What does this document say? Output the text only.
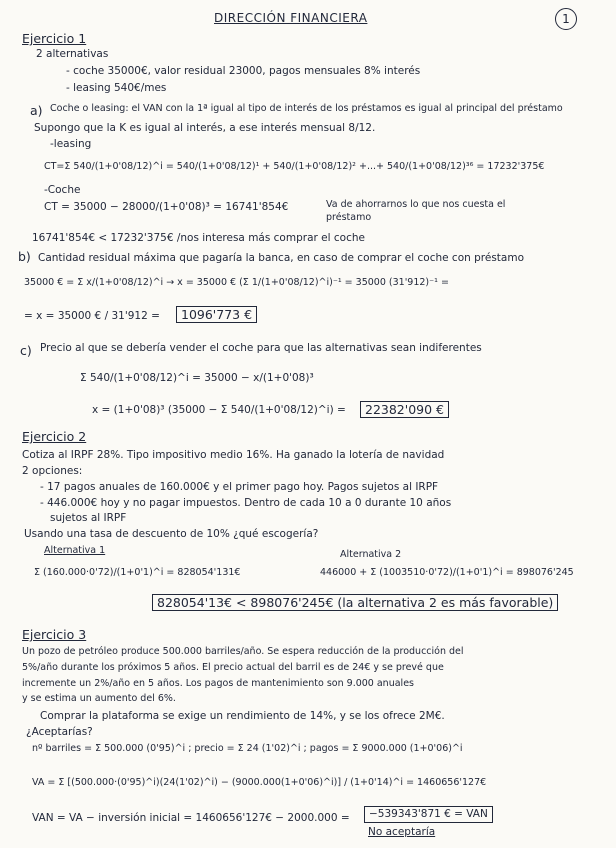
DIRECCIÓN FINANCIERA	1
Ejercicio 1
2 alternativas
- coche 35000€, valor residual 23000, pagos mensuales 8% interés
- leasing 540€/mes
a) Coche o leasing: el VAN con la 1ª igual al tipo de interés de los préstamos es igual al principal del préstamo
Supongo que la K es igual al interés, a ese interés mensual 8/12.
-leasing
CT=Σ 540/(1+0'08/12)^i = 540/(1+0'08/12)¹ + 540/(1+0'08/12)² +...+ 540/(1+0'08/12)³⁶ = 17232'375€
-Coche
CT = 35000 − 28000/(1+0'08)³ = 16741'854€	Va de ahorrarnos lo que nos cuesta el préstamo
16741'854€ < 17232'375€ /nos interesa más comprar el coche
b) Cantidad residual máxima que pagaría la banca, en caso de comprar el coche con préstamo
35000 € = Σ x/(1+0'08/12)^i → x = 35000 € (Σ 1/(1+0'08/12)^i)⁻¹ = 35000 (31'912)⁻¹ =
= x = 35000 € / 31'912 =	1096'773 €
c) Precio al que se debería vender el coche para que las alternativas sean indiferentes
Σ 540/(1+0'08/12)^i = 35000 − x/(1+0'08)³
x = (1+0'08)³ (35000 − Σ 540/(1+0'08/12)^i) =	22382'090 €
Ejercicio 2
Cotiza al IRPF 28%. Tipo impositivo medio 16%. Ha ganado la lotería de navidad
2 opciones:
- 17 pagos anuales de 160.000€ y el primer pago hoy. Pagos sujetos al IRPF
- 446.000€ hoy y no pagar impuestos. Dentro de cada 10 a 0 durante 10 años
sujetos al IRPF
Usando una tasa de descuento de 10% ¿qué escogería?
Alternativa 1
Σ (160.000·0'72)/(1+0'1)^i = 828054'131€
Alternativa 2
446000 + Σ (1003510·0'72)/(1+0'1)^i = 898076'245
828054'13€ < 898076'245€ (la alternativa 2 es más favorable)
Ejercicio 3
Un pozo de petróleo produce 500.000 barriles/año. Se espera reducción de la producción del
5%/año durante los próximos 5 años. El precio actual del barril es de 24€ y se prevé que
incremente un 2%/año en 5 años. Los pagos de mantenimiento son 9.000 anuales
y se estima un aumento del 6%.
Comprar la plataforma se exige un rendimiento de 14%, y se los ofrece 2M€.
¿Aceptarías?
nº barriles = Σ 500.000 (0'95)^i ; precio = Σ 24 (1'02)^i ; pagos = Σ 9000.000 (1+0'06)^i
VA = Σ [(500.000·(0'95)^i)(24(1'02)^i) − (9000.000(1+0'06)^i)] / (1+0'14)^i = 1460656'127€
VAN = VA − inversión inicial = 1460656'127€ − 2000.000 =	−539343'871 € = VAN
No aceptaría
